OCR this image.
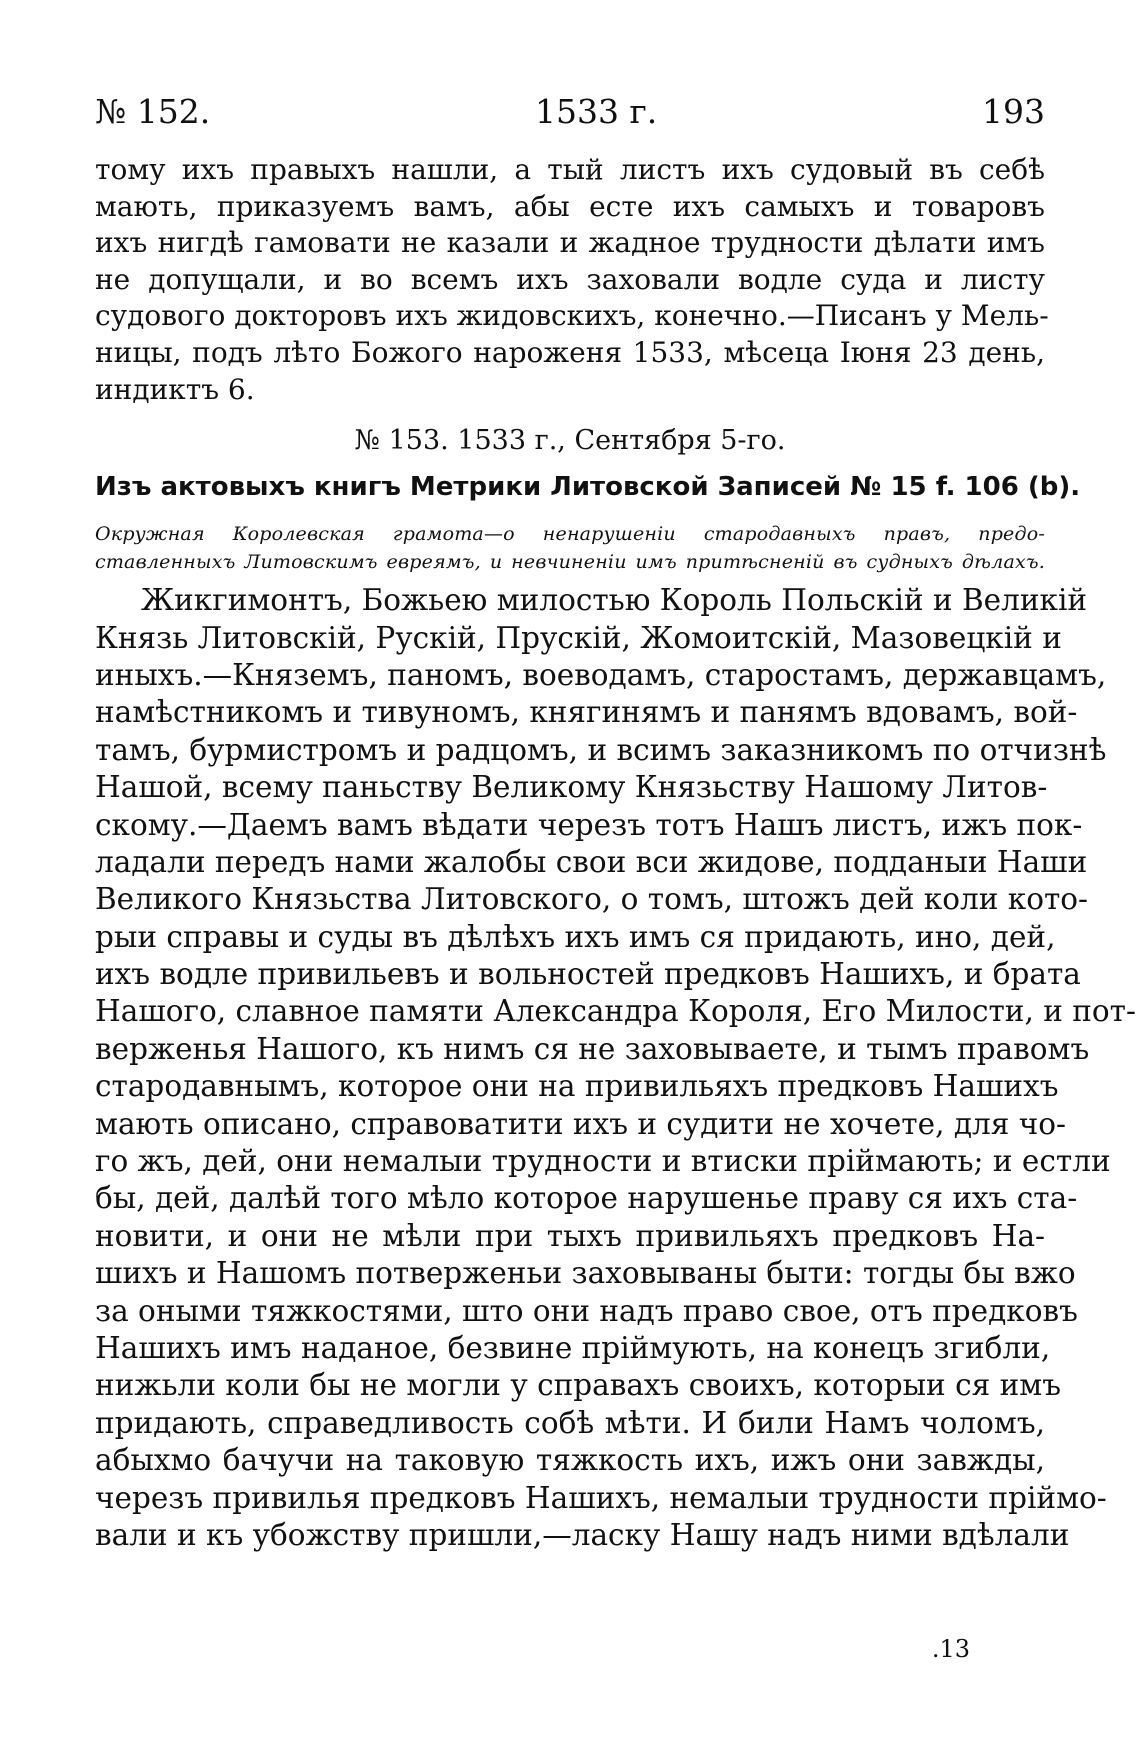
№ 152.	1533 г.	193
тому ихъ правыхъ нашли, а тый листъ ихъ судовый въ себѣ
мають, приказуемъ вамъ, абы есте ихъ самыхъ и товаровъ
ихъ нигдѣ гамовати не казали и жадное трудности дѣлати имъ
не допущали, и во всемъ ихъ заховали водле суда и листу
судового докторовъ ихъ жидовскихъ, конечно.—Писанъ у Мель-
ницы, подъ лѣто Божого нароженя 1533, мѣсеца Іюня 23 день,
индиктъ 6.
№ 153. 1533 г., Сентября 5-го.
Изъ актовыхъ книгъ Метрики Литовской Записей № 15 f. 106 (b).
Окружная Королевская грамота—о ненарушеніи стародавныхъ правъ, предо-
ставленныхъ Литовскимъ евреямъ, и невчиненіи имъ притѣсненій въ судныхъ дѣлахъ.
Жикгимонтъ, Божьею милостью Король Польскій и Великій
Князь Литовскій, Рускій, Прускій, Жомоитскій, Мазовецкій и
иныхъ.—Княземъ, паномъ, воеводамъ, старостамъ, державцамъ,
намѣстникомъ и тивуномъ, княгинямъ и панямъ вдовамъ, вой-
тамъ, бурмистромъ и радцомъ, и всимъ заказникомъ по отчизнѣ
Нашой, всему паньству Великому Князьству Нашому Литов-
скому.—Даемъ вамъ вѣдати черезъ тотъ Нашъ листъ, ижъ пок-
ладали передъ нами жалобы свои вси жидове, подданыи Наши
Великого Князьства Литовского, о томъ, штожъ дей коли кото-
рыи справы и суды въ дѣлѣхъ ихъ имъ ся придають, ино, дей,
ихъ водле привильевъ и вольностей предковъ Нашихъ, и брата
Нашого, славное памяти Александра Короля, Его Милости, и пот-
верженья Нашого, къ нимъ ся не заховываете, и тымъ правомъ
стародавнымъ, которое они на привильяхъ предковъ Нашихъ
мають описано, справоватити ихъ и судити не хочете, для чо-
го жъ, дей, они немалыи трудности и втиски пріймають; и естли
бы, дей, далѣй того мѣло которое нарушенье праву ся ихъ ста-
новити, и они не мѣли при тыхъ привильяхъ предковъ На-
шихъ и Нашомъ потверженьи заховываны быти: тогды бы вжо
за оными тяжкостями, што они надъ право свое, отъ предковъ
Нашихъ имъ наданое, безвине пріймують, на конецъ згибли,
нижьли коли бы не могли у справахъ своихъ, которыи ся имъ
придають, справедливость собѣ мѣти. И били Намъ чоломъ,
абыхмо бачучи на таковую тяжкость ихъ, ижъ они завжды,
черезъ привилья предковъ Нашихъ, немалыи трудности пріймо-
вали и къ убожству пришли,—ласку Нашу надъ ними вдѣлали
.13
